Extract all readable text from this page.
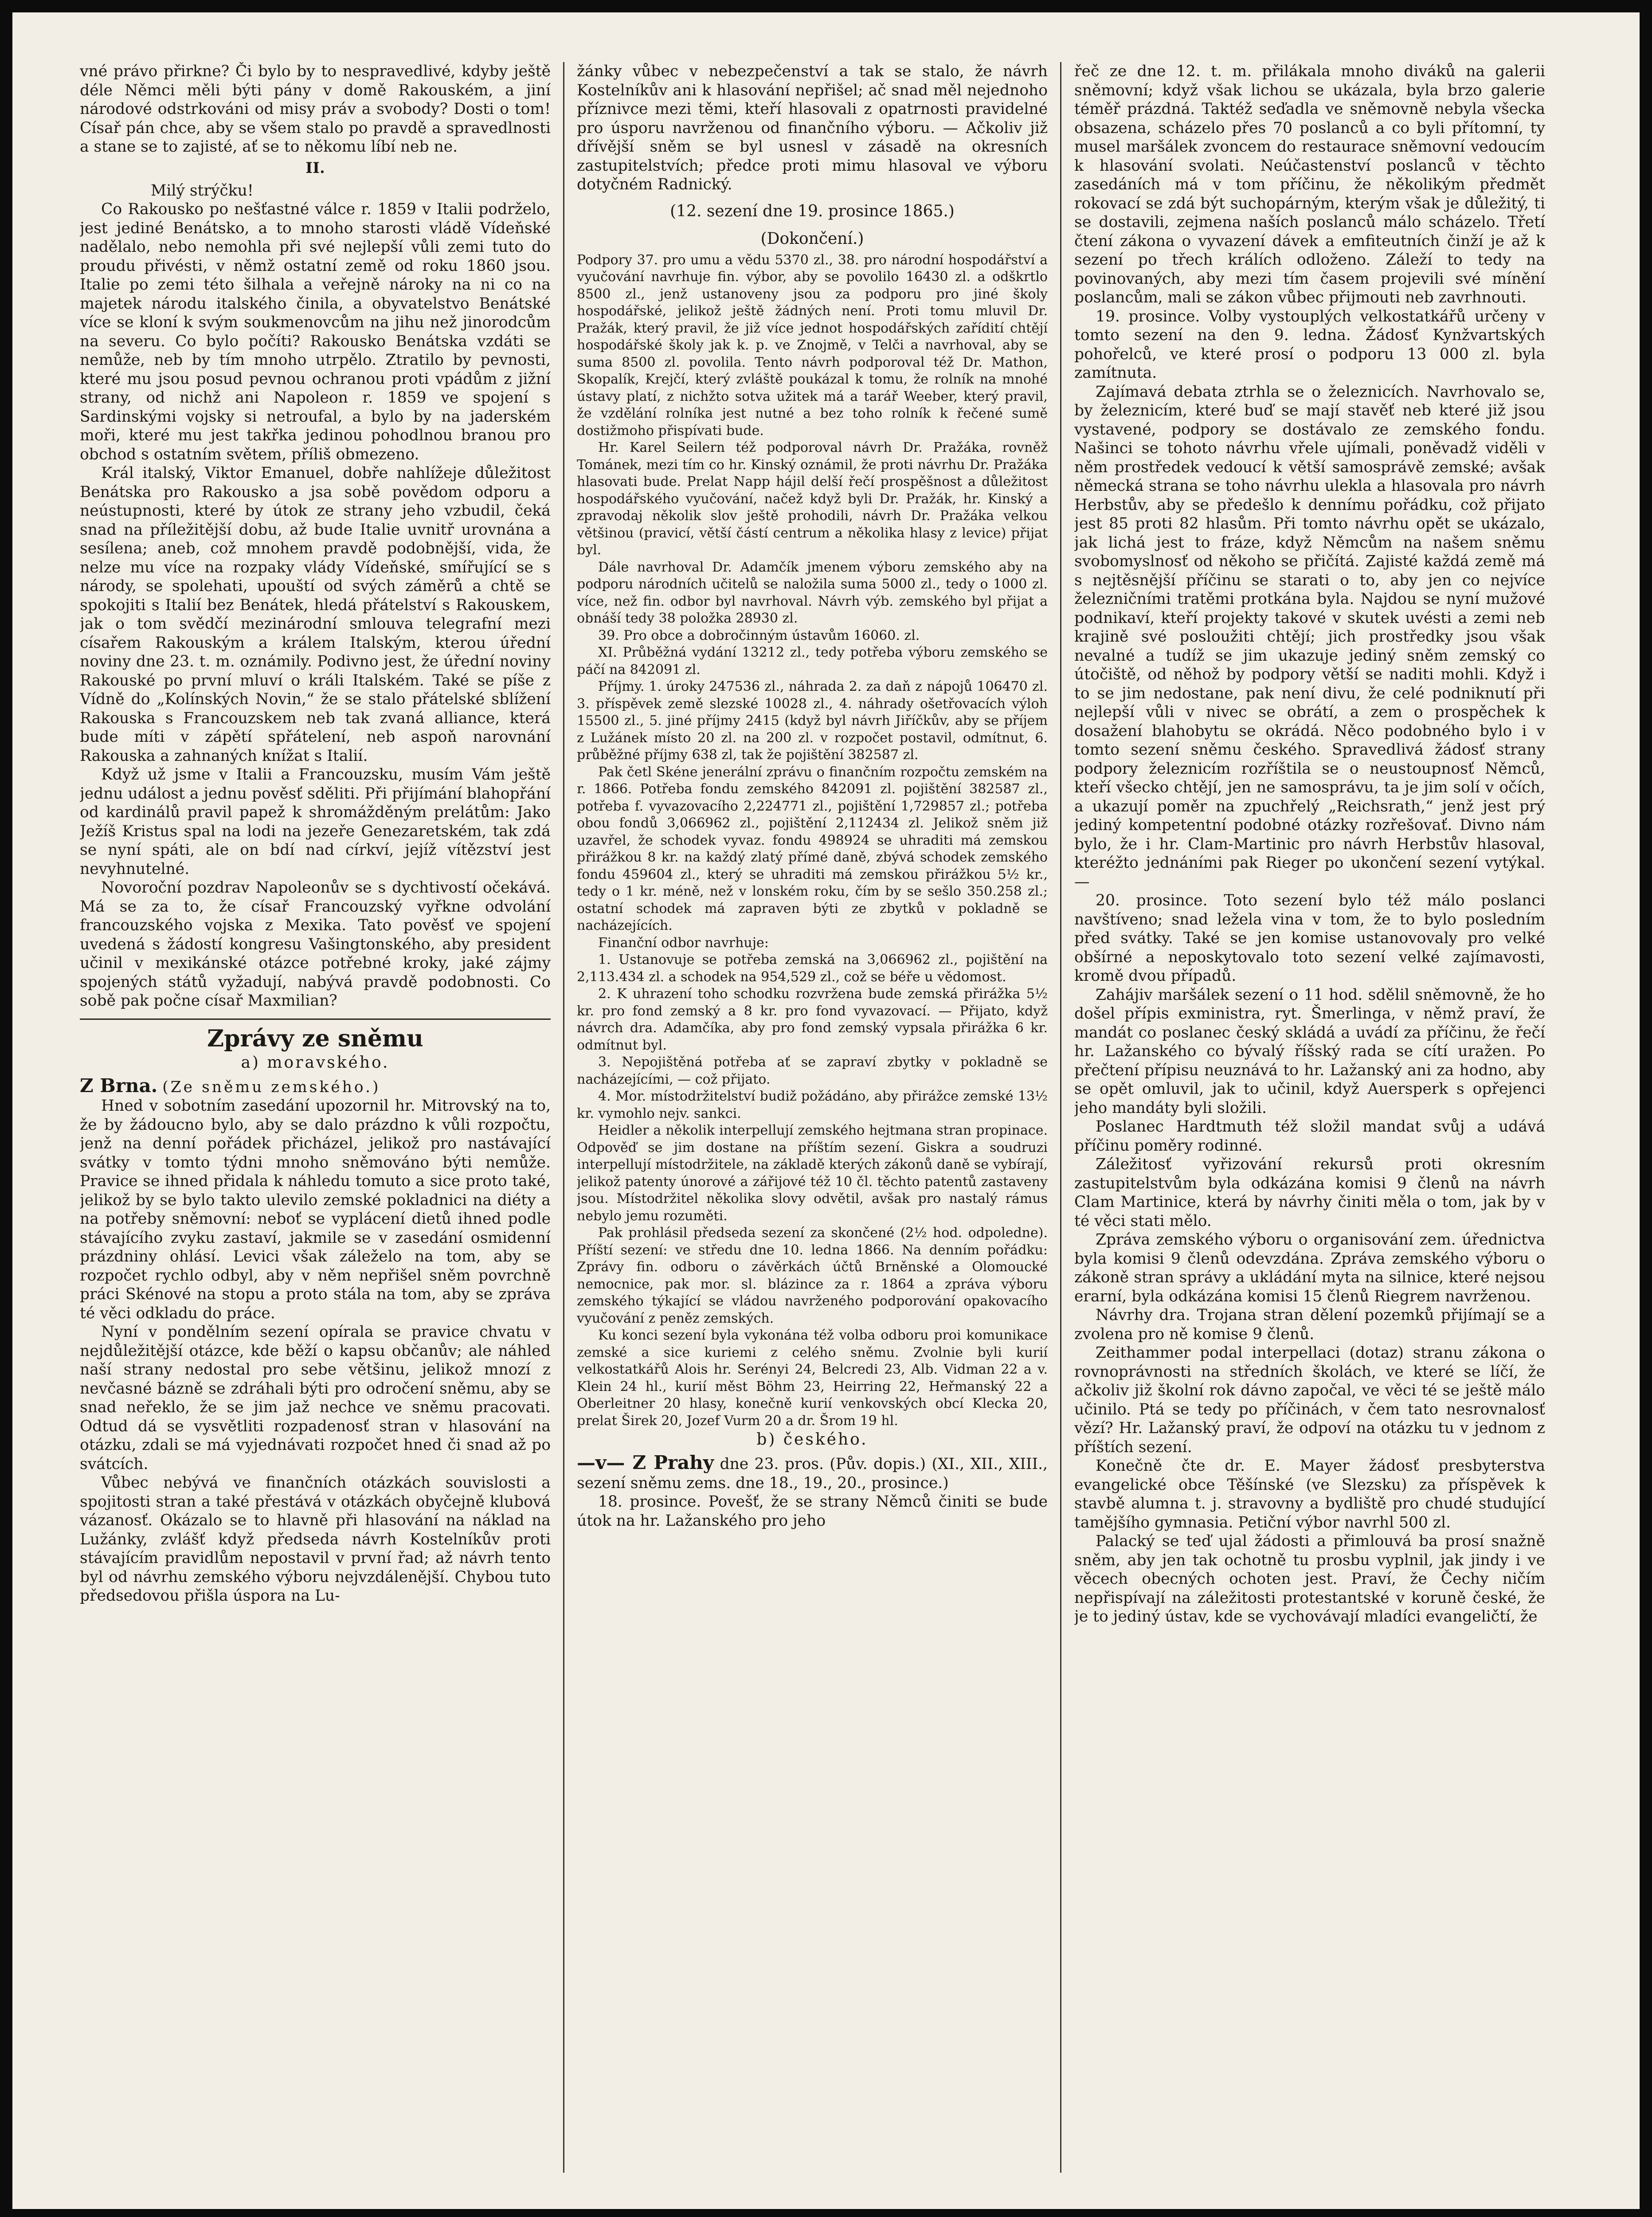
vné právo přirkne? Či bylo by to nespravedlivé, kdyby ještě déle Němci měli býti pány v domě Rakouském, a jiní národové odstrkováni od misy práv a svobody? Dosti o tom! Císař pán chce, aby se všem stalo po pravdě a spravedlnosti a stane se to zajisté, ať se to někomu líbí neb ne.

II.

Milý strýčku!

Co Rakousko po nešťastné válce r. 1859 v Italii podrželo, jest jediné Benátsko, a to mnoho starosti vládě Vídeňské nadělalo, nebo nemohla při své nejlepší vůli zemi tuto do proudu přivésti, v němž ostatní země od roku 1860 jsou. Italie po zemi této šilhala a veřejně nároky na ni co na majetek národu italského činila, a obyvatelstvo Benátské více se kloní k svým soukmenovcům na jihu než jinorodcům na severu. Co bylo počíti? Rakousko Benátska vzdáti se nemůže, neb by tím mnoho utrpělo. Ztratilo by pevnosti, které mu jsou posud pevnou ochranou proti vpádům z jižní strany, od nichž ani Napoleon r. 1859 ve spojení s Sardinskými vojsky si netroufal, a bylo by na jaderském moři, které mu jest takřka jedinou pohodlnou branou pro obchod s ostatním světem, příliš obmezeno.

Král italský, Viktor Emanuel, dobře nahlížeje důležitost Benátska pro Rakousko a jsa sobě povědom odporu a neústupnosti, které by útok ze strany jeho vzbudil, čeká snad na příležitější dobu, až bude Italie uvnitř urovnána a sesílena; aneb, což mnohem pravdě podobnější, vida, že nelze mu více na rozpaky vlády Vídeňské, smířující se s národy, se spolehati, upouští od svých záměrů a chtě se spokojiti s Italií bez Benátek, hledá přátelství s Rakouskem, jak o tom svědčí mezinárodní smlouva telegrafní mezi císařem Rakouským a králem Italským, kterou úřední noviny dne 23. t. m. oznámily. Podivno jest, že úřední noviny Rakouské po první mluví o králi Italském. Také se píše z Vídně do „Kolínských Novin,“ že se stalo přátelské sblížení Rakouska s Francouzskem neb tak zvaná alliance, která bude míti v zápětí spřátelení, neb aspoň narovnání Rakouska a zahnaných knížat s Italií.

Když už jsme v Italii a Francouzsku, musím Vám ještě jednu událost a jednu pověsť sděliti. Při přijímání blahopřání od kardinálů pravil papež k shromážděným prelátům: Jako Ježíš Kristus spal na lodi na jezeře Genezaretském, tak zdá se nyní spáti, ale on bdí nad církví, jejíž vítězství jest nevyhnutelné.

Novoroční pozdrav Napoleonův se s dychtivostí očekává. Má se za to, že císař Francouzský vyřkne odvolání francouzského vojska z Mexika. Tato pověsť ve spojení uvedená s žádostí kongresu Vašingtonského, aby president učinil v mexikánské otázce potřebné kroky, jaké zájmy spojených států vyžadují, nabývá pravdě podobnosti. Co sobě pak počne císař Maxmilian?

Zprávy ze sněmu
a) moravského.

Z Brna. (Ze sněmu zemského.)

Hned v sobotním zasedání upozornil hr. Mitrovský na to, že by žádoucno bylo, aby se dalo prázdno k vůli rozpočtu, jenž na denní pořádek přicházel, jelikož pro nastávající svátky v tomto týdni mnoho sněmováno býti nemůže. Pravice se ihned přidala k náhledu tomuto a sice proto také, jelikož by se bylo takto ulevilo zemské pokladnici na diéty a na potřeby sněmovní: neboť se vyplácení dietů ihned podle stávajícího zvyku zastaví, jakmile se v zasedání osmidenní prázdniny ohlásí. Levici však záleželo na tom, aby se rozpočet rychlo odbyl, aby v něm nepřišel sněm povrchně práci Skénové na stopu a proto stála na tom, aby se zpráva té věci odkladu do práce.

Nyní v pondělním sezení opírala se pravice chvatu v nejdůležitější otázce, kde běží o kapsu občanův; ale náhled naší strany nedostal pro sebe většinu, jelikož mnozí z nevčasné bázně se zdráhali býti pro odročení sněmu, aby se snad neřeklo, že se jim jaž nechce ve sněmu pracovati. Odtud dá se vysvětliti rozpadenosť stran v hlasování na otázku, zdali se má vyjednávati rozpočet hned či snad až po svátcích.

Vůbec nebývá ve finančních otázkách souvislosti a spojitosti stran a také přestává v otázkách obyčejně klubová vázanosť. Okázalo se to hlavně při hlasování na náklad na Lužánky, zvlášť když předseda návrh Kostelníkův proti stávajícím pravidlům nepostavil v první řad; až návrh tento byl od návrhu zemského výboru nejvzdálenější. Chybou tuto předsedovou přišla úspora na Lu-

žánky vůbec v nebezpečenství a tak se stalo, že návrh Kostelníkův ani k hlasování nepřišel; ač snad měl nejednoho příznivce mezi těmi, kteří hlasovali z opatrnosti pravidelné pro úsporu navrženou od finančního výboru. — Ačkoliv již dřívější sněm se byl usnesl v zásadě na okresních zastupitelstvích; předce proti mimu hlasoval ve výboru dotyčném Radnický.

(12. sezení dne 19. prosince 1865.)
(Dokončení.)

Podpory 37. pro umu a vědu 5370 zl., 38. pro národní hospodářství a vyučování navrhuje fin. výbor, aby se povolilo 16430 zl. a odškrtlo 8500 zl., jenž ustanoveny jsou za podporu pro jiné školy hospodářské, jelikož ještě žádných není. Proti tomu mluvil Dr. Pražák, který pravil, že již více jednot hospodářských zařídití chtějí hospodářské školy jak k. p. ve Znojmě, v Telči a navrhoval, aby se suma 8500 zl. povolila. Tento návrh podporoval též Dr. Mathon, Skopalík, Krejčí, který zvláště poukázal k tomu, že rolník na mnohé ústavy platí, z nichžto sotva užitek má a tarář Weeber, který pravil, že vzdělání rolníka jest nutné a bez toho rolník k řečené sumě dostižmoho přispívati bude.

Hr. Karel Seilern též podporoval návrh Dr. Pražáka, rovněž Tománek, mezi tím co hr. Kinský oznámil, že proti návrhu Dr. Pražáka hlasovati bude. Prelat Napp hájil delší řečí prospěšnost a důležitost hospodářského vyučování, načež když byli Dr. Pražák, hr. Kinský a zpravodaj několik slov ještě prohodili, návrh Dr. Pražáka velkou většinou (pravicí, větší částí centrum a několika hlasy z levice) přijat byl.

Dále navrhoval Dr. Adamčík jmenem výboru zemského aby na podporu národních učitelů se naložila suma 5000 zl., tedy o 1000 zl. více, než fin. odbor byl navrhoval. Návrh výb. zemského byl přijat a obnáší tedy 38 položka 28930 zl.

39. Pro obce a dobročinným ústavům 16060. zl.

XI. Průběžná vydání 13212 zl., tedy potřeba výboru zemského se páčí na 842091 zl.

Příjmy. 1. úroky 247536 zl., náhrada 2. za daň z nápojů 106470 zl. 3. příspěvek země slezské 10028 zl., 4. náhrady ošetřovacích výloh 15500 zl., 5. jiné příjmy 2415 (když byl návrh Jiříčkův, aby se příjem z Lužánek místo 20 zl. na 200 zl. v rozpočet postavil, odmítnut, 6. průběžné příjmy 638 zl, tak že pojištění 382587 zl.

Pak četl Skéne jenerální zprávu o finančním rozpočtu zemském na r. 1866. Potřeba fondu zemského 842091 zl. pojištění 382587 zl., potřeba f. vyvazovacího 2,224771 zl., pojištění 1,729857 zl.; potřeba obou fondů 3,066962 zl., pojištění 2,112434 zl. Jelikož sněm již uzavřel, že schodek vyvaz. fondu 498924 se uhraditi má zemskou přirážkou 8 kr. na každý zlatý přímé daně, zbývá schodek zemského fondu 459604 zl., který se uhraditi má zemskou přirážkou 5½ kr., tedy o 1 kr. méně, než v lonském roku, čím by se sešlo 350.258 zl.; ostatní schodek má zapraven býti ze zbytků v pokladně se nacházejících.

Finanční odbor navrhuje:

1. Ustanovuje se potřeba zemská na 3,066962 zl., pojištění na 2,113.434 zl. a schodek na 954,529 zl., což se béře u vědomost.

2. K uhrazení toho schodku rozvržena bude zemská přirážka 5½ kr. pro fond zemský a 8 kr. pro fond vyvazovací. — Přijato, když návrch dra. Adamčíka, aby pro fond zemský vypsala přirážka 6 kr. odmítnut byl.

3. Nepojištěná potřeba ať se zapraví zbytky v pokladně se nacházejícími, — což přijato.

4. Mor. místodržitelství budiž požádáno, aby přirážce zemské 13½ kr. vymohlo nejv. sankci.

Heidler a několik interpellují zemského hejtmana stran propinace. Odpověď se jim dostane na příštím sezení. Giskra a soudruzi interpellují místodržitele, na základě kterých zákonů daně se vybírají, jelikož patenty únorové a zářijové též 10 čl. těchto patentů zastaveny jsou. Místodržitel několika slovy odvětil, avšak pro nastalý rámus nebylo jemu rozuměti.

Pak prohlásil předseda sezení za skončené (2½ hod. odpoledne). Příští sezení: ve středu dne 10. ledna 1866. Na denním pořádku: Zprávy fin. odboru o závěrkách účtů Brněnské a Olomoucké nemocnice, pak mor. sl. blázince za r. 1864 a zpráva výboru zemského týkající se vládou navrženého podporování opakovacího vyučování z peněz zemských.

Ku konci sezení byla vykonána též volba odboru proi komunikace zemské a sice kuriemi z celého sněmu. Zvolnie byli kurií velkostatkářů Alois hr. Serényi 24, Belcredi 23, Alb. Vidman 22 a v. Klein 24 hl., kurií měst Böhm 23, Heirring 22, Heřmanský 22 a Oberleitner 20 hlasy, konečně kurií venkovských obcí Klecka 20, prelat Širek 20, Jozef Vurm 20 a dr. Šrom 19 hl.

b) českého.

—v— Z Prahy dne 23. pros. (Pův. dopis.) (XI., XII., XIII., sezení sněmu zems. dne 18., 19., 20., prosince.)

18. prosince. Povešť, že se strany Němců činiti se bude útok na hr. Lažanského pro jeho

řeč ze dne 12. t. m. přilákala mnoho diváků na galerii sněmovní; když však lichou se ukázala, byla brzo galerie téměř prázdná. Taktéž seďadla ve sněmovně nebyla všecka obsazena, scházelo přes 70 poslanců a co byli přítomní, ty musel maršálek zvoncem do restaurace sněmovní vedoucím k hlasování svolati. Neúčastenství poslanců v těchto zasedáních má v tom příčinu, že několikým předmět rokovací se zdá být suchopárným, kterým však je důležitý, ti se dostavili, zejmena naších poslanců málo scházelo. Třetí čtení zákona o vyvazení dávek a emfiteutních činží je až k sezení po třech králích odloženo. Záleží to tedy na povinovaných, aby mezi tím časem projevili své mínění poslancům, mali se zákon vůbec přijmouti neb zavrhnouti.

19. prosince. Volby vystouplých velkostatkářů určeny v tomto sezení na den 9. ledna. Žádosť Kynžvartských pohořelců, ve které prosí o podporu 13 000 zl. byla zamítnuta.

Zajímavá debata ztrhla se o železnicích. Navrhovalo se, by železnicím, které buď se mají stavěť neb které již jsou vystavené, podpory se dostávalo ze zemského fondu. Našinci se tohoto návrhu vřele ujímali, poněvadž viděli v něm prostředek vedoucí k větší samosprávě zemské; avšak německá strana se toho návrhu ulekla a hlasovala pro návrh Herbstův, aby se předešlo k dennímu pořádku, což přijato jest 85 proti 82 hlasům. Při tomto návrhu opět se ukázalo, jak lichá jest to fráze, když Němcům na našem sněmu svobomyslnosť od někoho se přičítá. Zajisté každá země má s nejtěsnější příčinu se starati o to, aby jen co nejvíce železničními tratěmi protkána byla. Najdou se nyní mužové podnikaví, kteří projekty takové v skutek uvésti a zemi neb krajině své posloužiti chtějí; jich prostředky jsou však nevalné a tudíž se jim ukazuje jediný sněm zemský co útočiště, od něhož by podpory větší se naditi mohli. Když i to se jim nedostane, pak není divu, že celé podniknutí při nejlepší vůli v nivec se obrátí, a zem o prospěchek k dosažení blahobytu se okrádá. Něco podobného bylo i v tomto sezení sněmu českého. Spravedlivá žádosť strany podpory železnicím rozříštila se o neustoupnosť Němců, kteří všecko chtějí, jen ne samosprávu, ta je jim solí v očích, a ukazují poměr na zpuchřelý „Reichsrath,“ jenž jest prý jediný kompetentní podobné otázky rozřešovať. Divno nám bylo, že i hr. Clam-Martinic pro návrh Herbstův hlasoval, kteréžto jednáními pak Rieger po ukončení sezení vytýkal. —

20. prosince. Toto sezení bylo též málo poslanci navštíveno; snad ležela vina v tom, že to bylo posledním před svátky. Také se jen komise ustanovovaly pro velké obšírné a neposkytovalo toto sezení velké zajímavosti, kromě dvou případů.

Zahájiv maršálek sezení o 11 hod. sdělil sněmovně, že ho došel přípis exministra, ryt. Šmerlinga, v němž praví, že mandát co poslanec český skládá a uvádí za příčinu, že řečí hr. Lažanského co bývalý říšský rada se cítí uražen. Po přečtení přípisu neuznává to hr. Lažanský ani za hodno, aby se opět omluvil, jak to učinil, když Auersperk s opřejenci jeho mandáty byli složili.

Poslanec Hardtmuth též složil mandat svůj a udává příčinu poměry rodinné.

Záležitosť vyřizování rekursů proti okresním zastupitelstvům byla odkázána komisi 9 členů na návrh Clam Martinice, která by návrhy činiti měla o tom, jak by v té věci stati mělo.

Zpráva zemského výboru o organisování zem. úřednictva byla komisi 9 členů odevzdána. Zpráva zemského výboru o zákoně stran správy a ukládání myta na silnice, které nejsou erarní, byla odkázána komisi 15 členů Riegrem navrženou.

Návrhy dra. Trojana stran dělení pozemků přijímají se a zvolena pro ně komise 9 členů.

Zeithammer podal interpellaci (dotaz) stranu zákona o rovnoprávnosti na středních školách, ve které se líčí, že ačkoliv již školní rok dávno započal, ve věci té se ještě málo učinilo. Ptá se tedy po příčinách, v čem tato nesrovnalosť vězí? Hr. Lažanský praví, že odpoví na otázku tu v jednom z příštích sezení.

Konečně čte dr. E. Mayer žádosť presbyterstva evangelické obce Těšínské (ve Slezsku) za příspěvek k stavbě alumna t. j. stravovny a bydliště pro chudé studující tamějšího gymnasia. Petiční výbor navrhl 500 zl.

Palacký se teď ujal žádosti a přimlouvá ba prosí snažně sněm, aby jen tak ochotně tu prosbu vyplnil, jak jindy i ve věcech obecných ochoten jest. Praví, že Čechy ničím nepřispívají na záležitosti protestantské v koruně české, že je to jediný ústav, kde se vychovávají mladíci evangeličtí, že
